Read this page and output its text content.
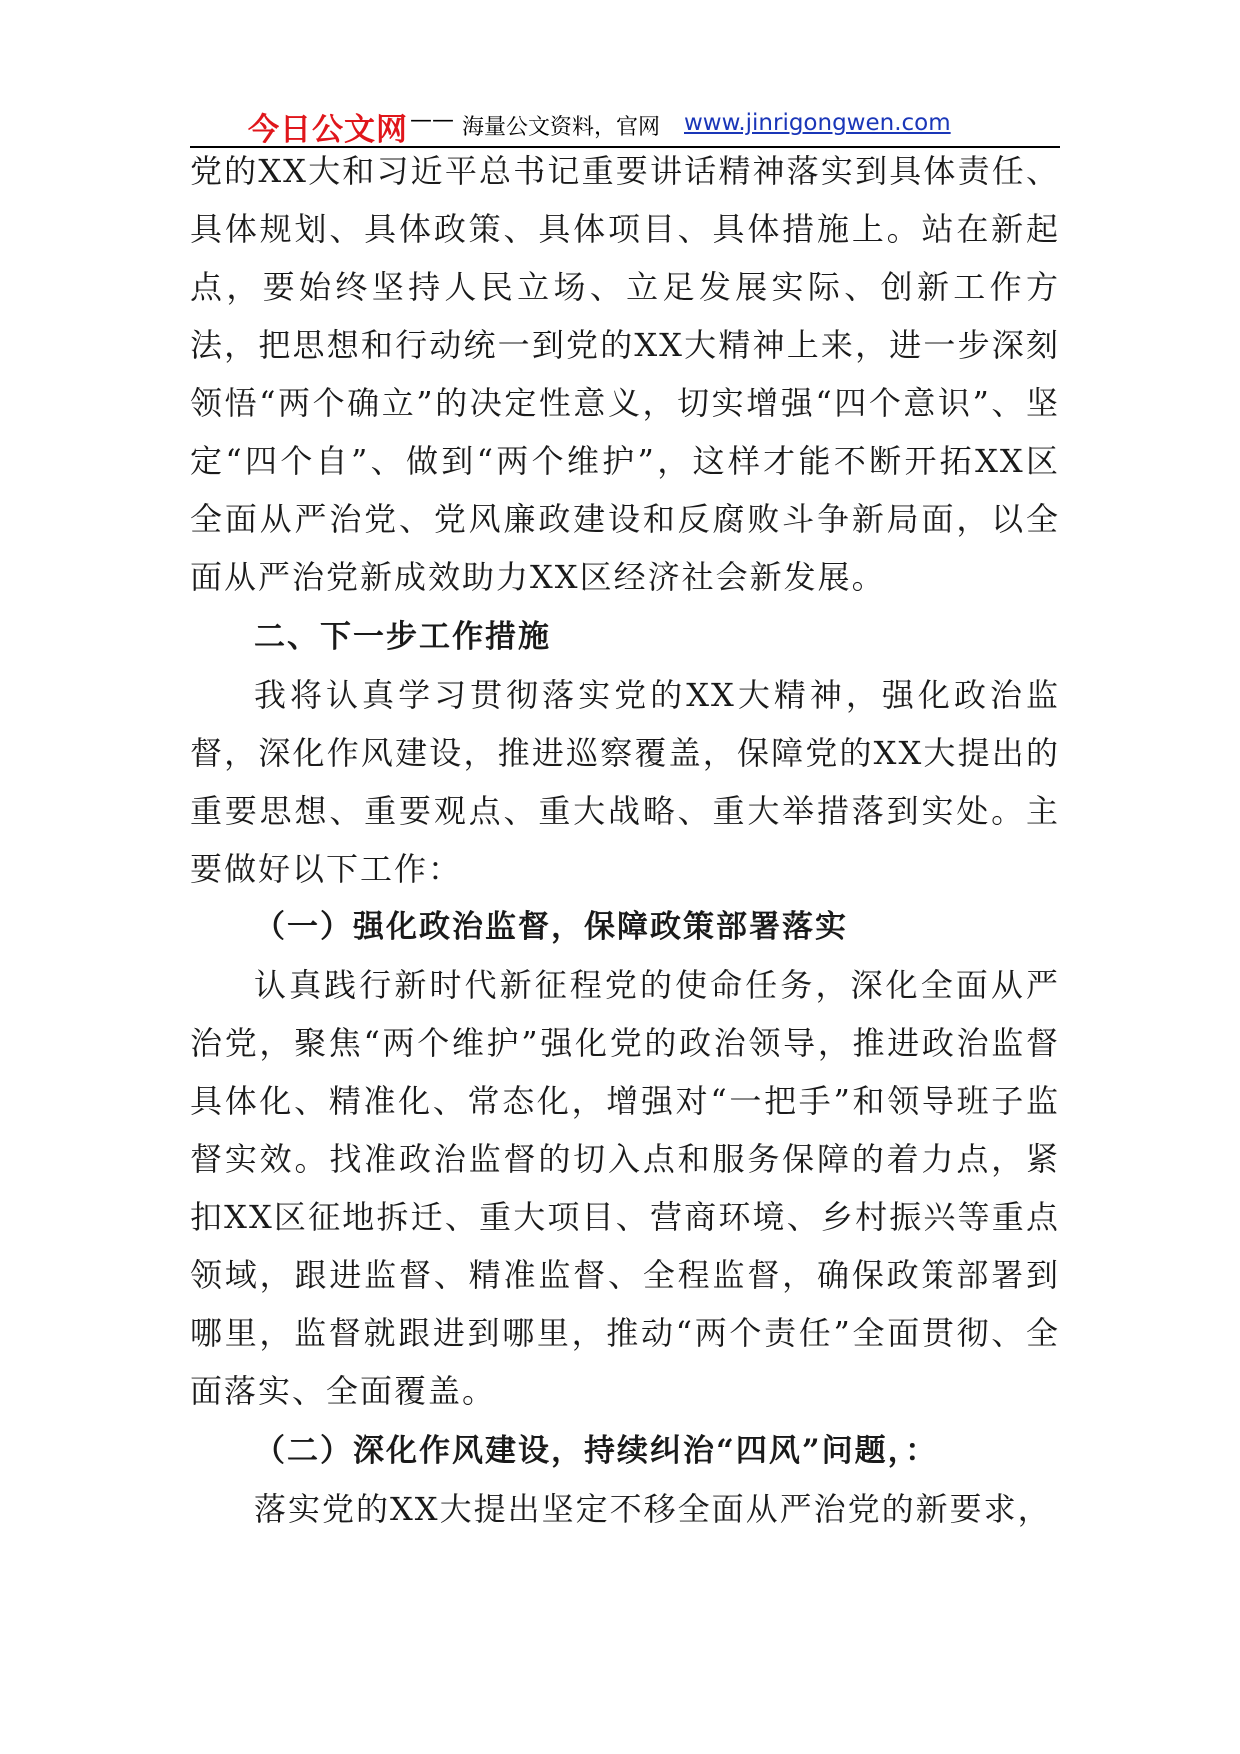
今日公文网 —— 海量公文资料，官网 www.jinrigongwen.com

党的XX大和习近平总书记重要讲话精神落实到具体责任、具体规划、具体政策、具体项目、具体措施上。站在新起点，要始终坚持人民立场、立足发展实际、创新工作方法，把思想和行动统一到党的XX大精神上来，进一步深刻领悟“两个确立”的决定性意义，切实增强“四个意识”、坚定“四个自”、做到“两个维护”，这样才能不断开拓XX区全面从严治党、党风廉政建设和反腐败斗争新局面，以全面从严治党新成效助力XX区经济社会新发展。

二、下一步工作措施

我将认真学习贯彻落实党的XX大精神，强化政治监督，深化作风建设，推进巡察覆盖，保障党的XX大提出的重要思想、重要观点、重大战略、重大举措落到实处。主要做好以下工作：

（一）强化政治监督，保障政策部署落实

认真践行新时代新征程党的使命任务，深化全面从严治党，聚焦“两个维护”强化党的政治领导，推进政治监督具体化、精准化、常态化，增强对“一把手”和领导班子监督实效。找准政治监督的切入点和服务保障的着力点，紧扣XX区征地拆迁、重大项目、营商环境、乡村振兴等重点领域，跟进监督、精准监督、全程监督，确保政策部署到哪里，监督就跟进到哪里，推动“两个责任”全面贯彻、全面落实、全面覆盖。

（二）深化作风建设，持续纠治“四风”问题，：

落实党的XX大提出坚定不移全面从严治党的新要求，
